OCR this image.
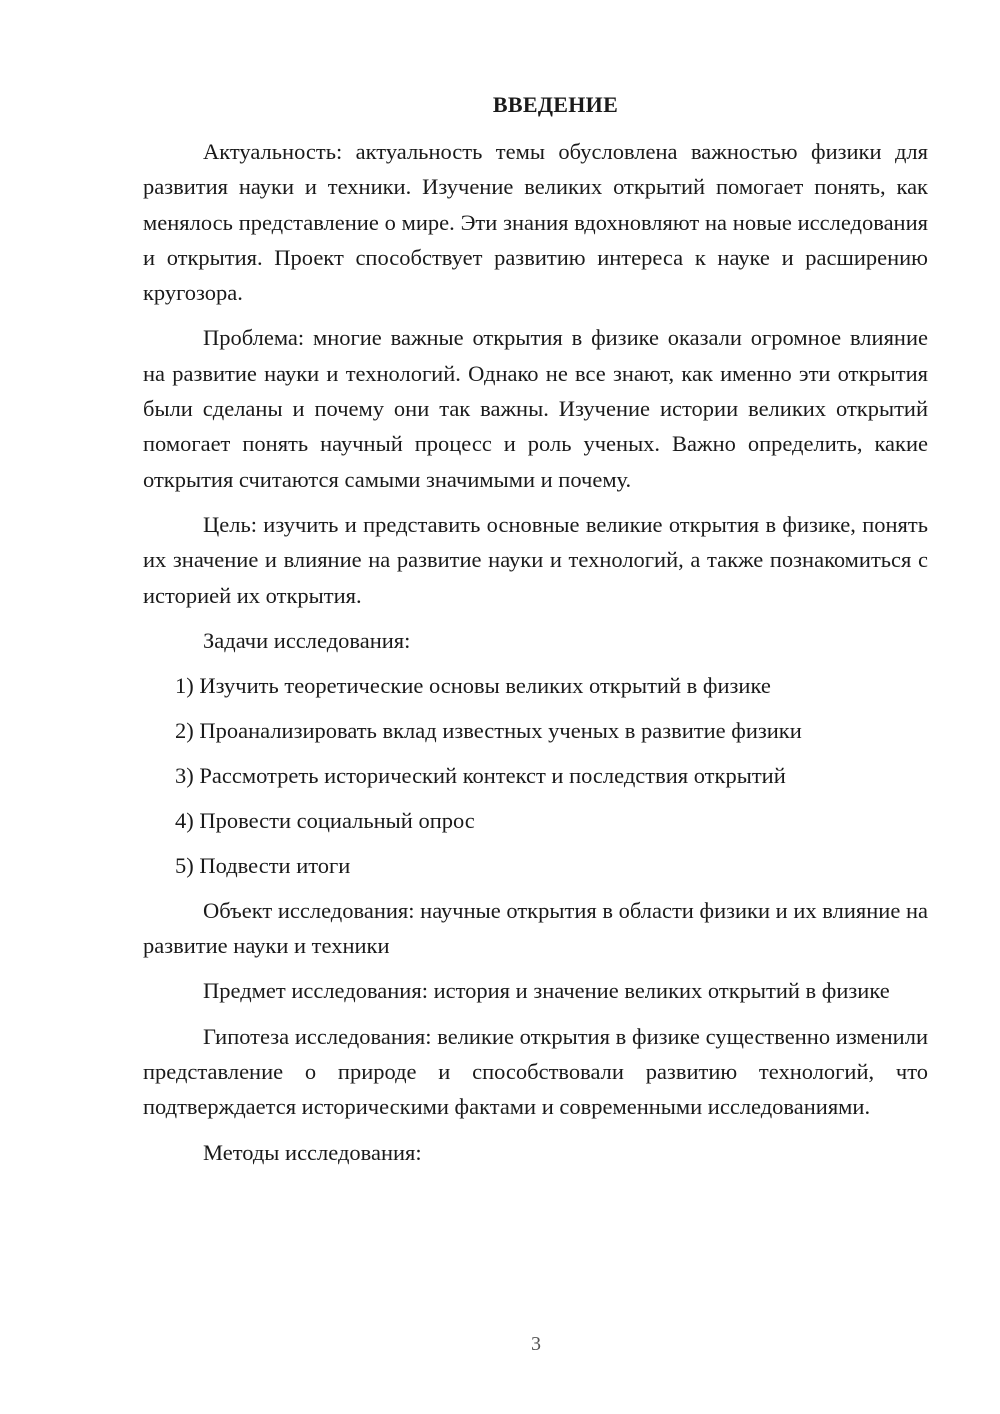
ВВЕДЕНИЕ

Актуальность: актуальность темы обусловлена важностью физики для развития науки и техники. Изучение великих открытий помогает понять, как менялось представление о мире. Эти знания вдохновляют на новые исследования и открытия. Проект способствует развитию интереса к науке и расширению кругозора.

Проблема: многие важные открытия в физике оказали огромное влияние на развитие науки и технологий. Однако не все знают, как именно эти открытия были сделаны и почему они так важны. Изучение истории великих открытий помогает понять научный процесс и роль ученых. Важно определить, какие открытия считаются самыми значимыми и почему.

Цель: изучить и представить основные великие открытия в физике, понять их значение и влияние на развитие науки и технологий, а также познакомиться с историей их открытия.

Задачи исследования:

1) Изучить теоретические основы великих открытий в физике
2) Проанализировать вклад известных ученых в развитие физики
3) Рассмотреть исторический контекст и последствия открытий
4) Провести социальный опрос
5) Подвести итоги

Объект исследования: научные открытия в области физики и их влияние на развитие науки и техники

Предмет исследования: история и значение великих открытий в физике

Гипотеза исследования: великие открытия в физике существенно изменили представление о природе и способствовали развитию технологий, что подтверждается историческими фактами и современными исследованиями.

Методы исследования:

3
